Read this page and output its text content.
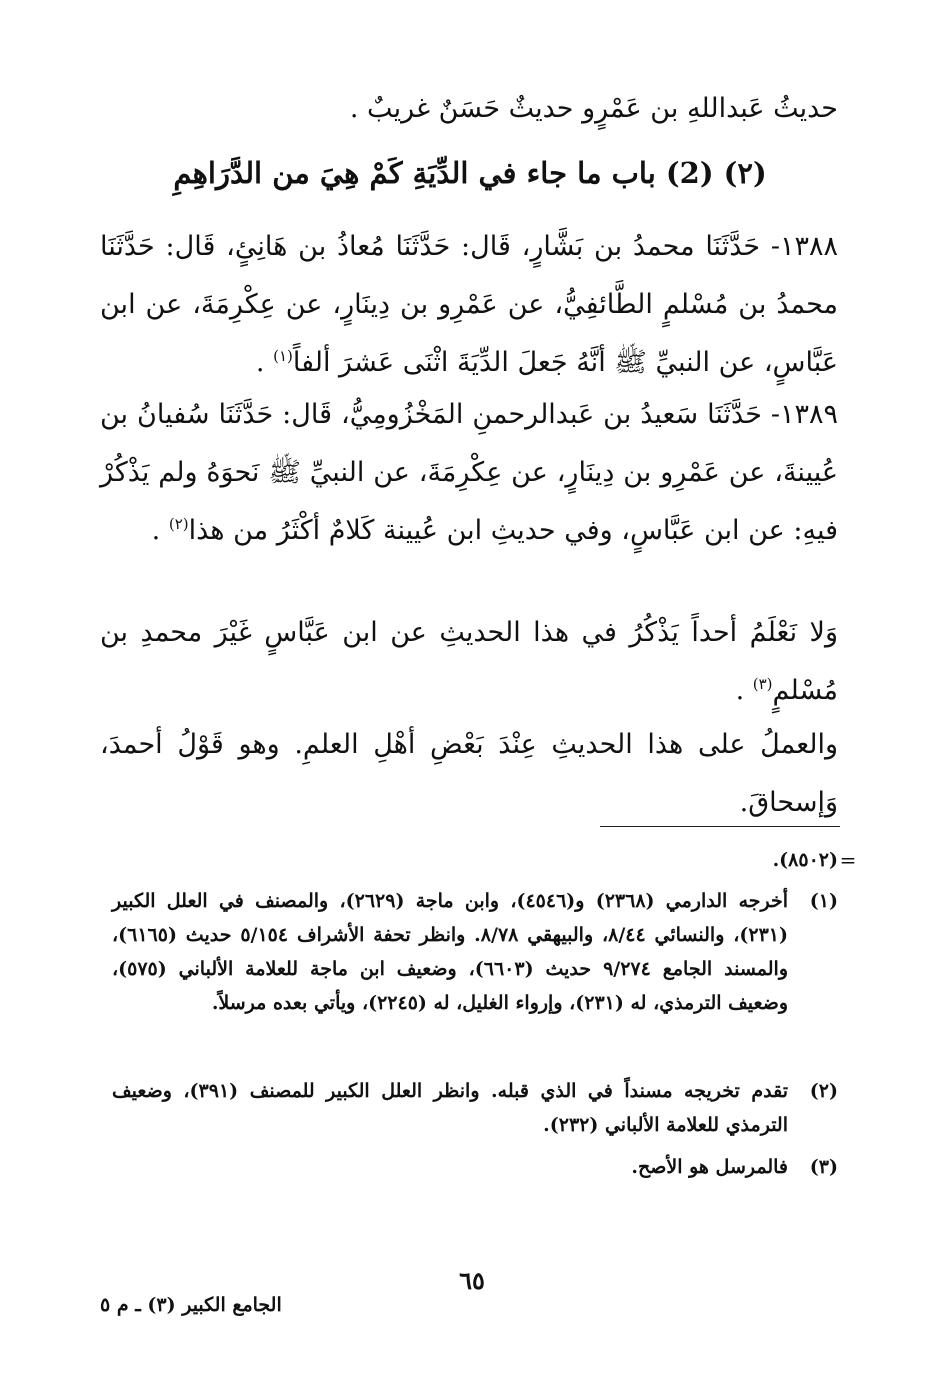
حديثُ عَبداللهِ بن عَمْرٍو حديثٌ حَسَنٌ غريبٌ .
(٢) (2) باب ما جاء في الدِّيَةِ كَمْ هِيَ من الدَّرَاهِمِ
١٣٨٨- حَدَّثَنَا محمدُ بن بَشَّارٍ، قَال: حَدَّثَنَا مُعاذُ بن هَانِئٍ، قَال: حَدَّثَنَا محمدُ بن مُسْلمٍ الطَّائفِيُّ، عن عَمْرِو بن دِينَارٍ، عن عِكْرِمَةَ، عن ابن عَبَّاسٍ، عن النبيِّ ﷺ أنَّهُ جَعلَ الدِّيَةَ اثْنَى عَشرَ ألفاً$^{(١)}$ .
١٣٨٩- حَدَّثَنَا سَعيدُ بن عَبدالرحمنِ المَخْزُومِيُّ، قَال: حَدَّثَنَا سُفيانُ بن عُيينةَ، عن عَمْرِو بن دِينَارٍ، عن عِكْرِمَةَ، عن النبيِّ ﷺ نَحوَهُ ولم يَذْكُرْ فيهِ: عن ابن عَبَّاسٍ، وفي حديثِ ابن عُيينة كَلامٌ أكْثَرُ من هذا$^{(٢)}$ .
وَلا نَعْلَمُ أحداً يَذْكُرُ في هذا الحديثِ عن ابن عَبَّاسٍ غَيْرَ محمدِ بن مُسْلمٍ$^{(٣)}$ .
والعملُ على هذا الحديثِ عِنْدَ بَعْضِ أهْلِ العلمِ. وهو قَوْلُ أحمدَ، وَإسحاقَ.
=
(٨٥٠٢).
(١)
أخرجه الدارمي (٢٣٦٨) و(٤٥٤٦)، وابن ماجة (٢٦٢٩)، والمصنف في العلل الكبير (٢٣١)، والنسائي ٨/٤٤، والبيهقي ٨/٧٨. وانظر تحفة الأشراف ٥/١٥٤ حديث (٦١٦٥)، والمسند الجامع ٩/٢٧٤ حديث (٦٦٠٣)، وضعيف ابن ماجة للعلامة الألباني (٥٧٥)، وضعيف الترمذي، له (٢٣١)، وإرواء الغليل، له (٢٢٤٥)، ويأتي بعده مرسلاً.
(٢)
تقدم تخريجه مسنداً في الذي قبله. وانظر العلل الكبير للمصنف (٣٩١)، وضعيف الترمذي للعلامة الألباني (٢٣٢).
(٣)
فالمرسل هو الأصح.
٦٥
الجامع الكبير (٣) ـ م ٥
